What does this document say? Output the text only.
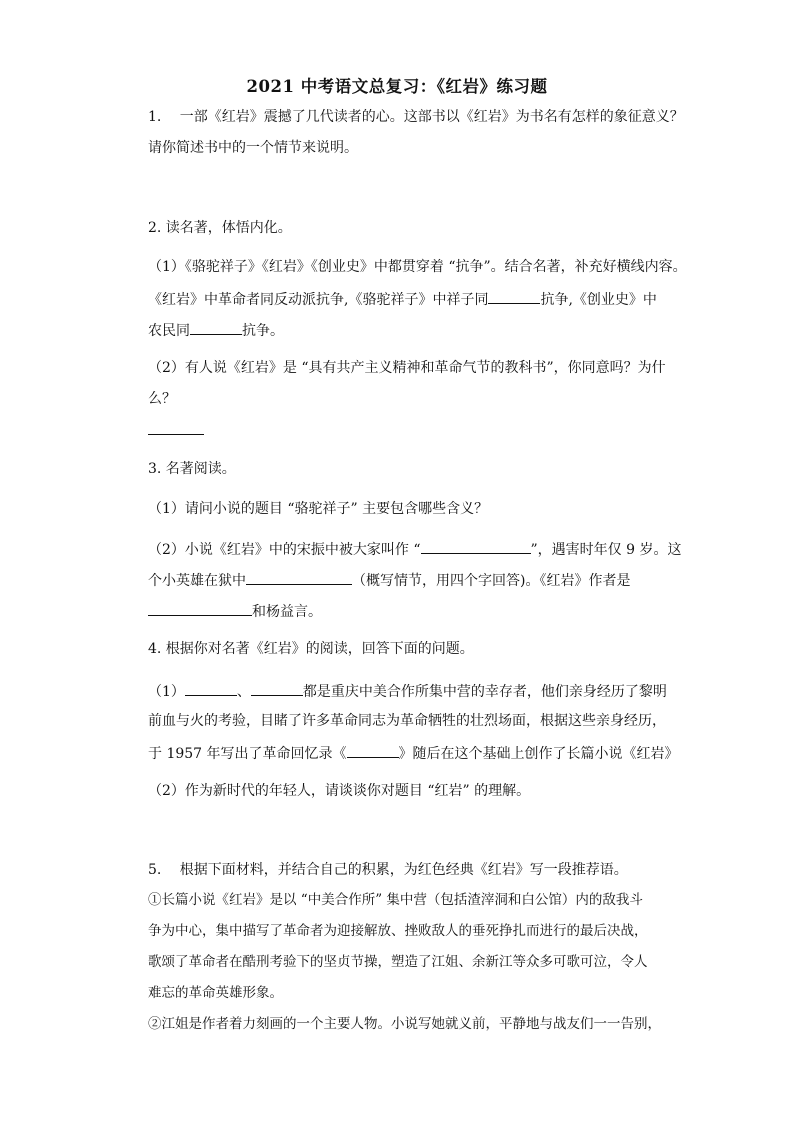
2021 中考语文总复习：《红岩》练习题
1.　 一部《红岩》震撼了几代读者的心。这部书以《红岩》为书名有怎样的象征意义？
请你简述书中的一个情节来说明。
2. 读名著，体悟内化。
（1）《骆驼祥子》《红岩》《创业史》中都贯穿着 “抗争”。结合名著，补充好横线内容。
《红岩》中革命者同反动派抗争,《骆驼祥子》中祥子同	抗争,《创业史》中
农民同	抗争。
（2）有人说《红岩》是 “具有共产主义精神和革命气节的教科书”，你同意吗？为什
么？
3. 名著阅读。
（1）请问小说的题目 “骆驼祥子” 主要包含哪些含义？
（2）小说《红岩》中的宋振中被大家叫作 “	”，遇害时年仅 9 岁。这
个小英雄在狱中	（概写情节，用四个字回答)。《红岩》作者是
和杨益言。
4. 根据你对名著《红岩》的阅读，回答下面的问题。
（1）	、	都是重庆中美合作所集中营的幸存者，他们亲身经历了黎明
前血与火的考验，目睹了许多革命同志为革命牺牲的壮烈场面，根据这些亲身经历，
于 1957 年写出了革命回忆录《	》随后在这个基础上创作了长篇小说《红岩》
（2）作为新时代的年轻人，请谈谈你对题目 “红岩” 的理解。
5.　 根据下面材料，并结合自己的积累，为红色经典《红岩》写一段推荐语。
①长篇小说《红岩》是以 “中美合作所” 集中营（包括渣滓洞和白公馆）内的敌我斗
争为中心，集中描写了革命者为迎接解放、挫败敌人的垂死挣扎而进行的最后决战，
歌颂了革命者在酷刑考验下的坚贞节操，塑造了江姐、余新江等众多可歌可泣，令人
难忘的革命英雄形象。
②江姐是作者着力刻画的一个主要人物。小说写她就义前，平静地与战友们一一告别，
